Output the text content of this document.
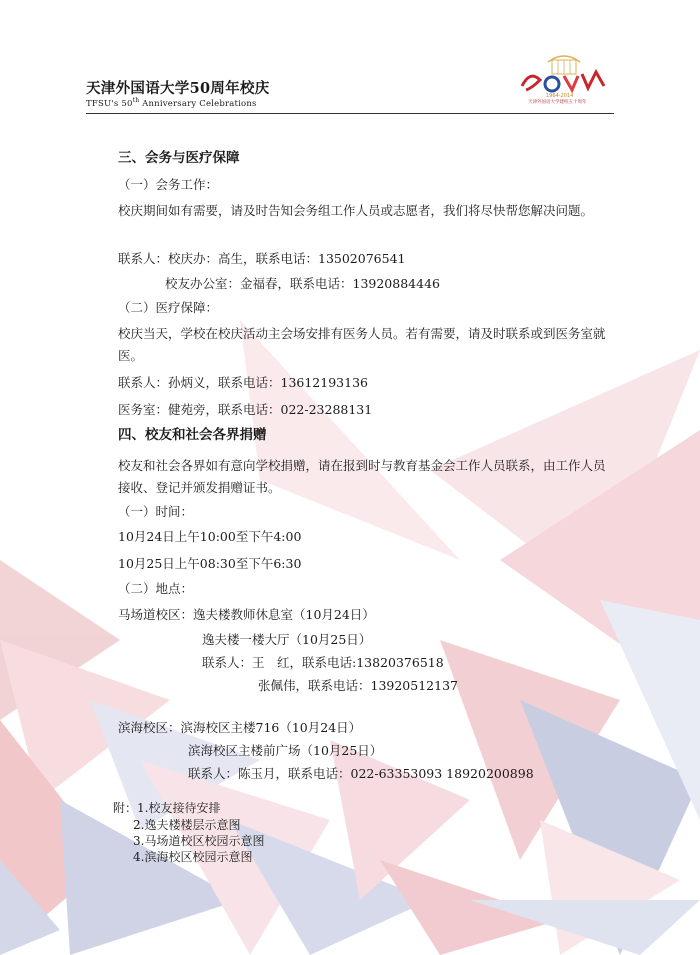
天津外国语大学50周年校庆
TFSU's 50th Anniversary Celebrations
1964-2014
天津外国语大学建校五十周年
三、会务与医疗保障
（一）会务工作：
校庆期间如有需要，请及时告知会务组工作人员或志愿者，我们将尽快帮您解决问题。
联系人：校庆办：高生，联系电话：13502076541
校友办公室：金福春，联系电话：13920884446
（二）医疗保障：
校庆当天，学校在校庆活动主会场安排有医务人员。若有需要，请及时联系或到医务室就医。
联系人：孙炳义，联系电话：13612193136
医务室：健苑旁，联系电话：022-23288131
四、校友和社会各界捐赠
校友和社会各界如有意向学校捐赠，请在报到时与教育基金会工作人员联系，由工作人员接收、登记并颁发捐赠证书。
（一）时间：
10月24日上午10:00至下午4:00
10月25日上午08:30至下午6:30
（二）地点：
马场道校区：逸夫楼教师休息室（10月24日）
逸夫楼一楼大厅（10月25日）
联系人：王　红，联系电话:13820376518
张佩伟，联系电话：13920512137
滨海校区：滨海校区主楼716（10月24日）
滨海校区主楼前广场（10月25日）
联系人：陈玉月，联系电话：022-63353093 18920200898
附：1.校友接待安排
2.逸夫楼楼层示意图
3.马场道校区校园示意图
4.滨海校区校园示意图
